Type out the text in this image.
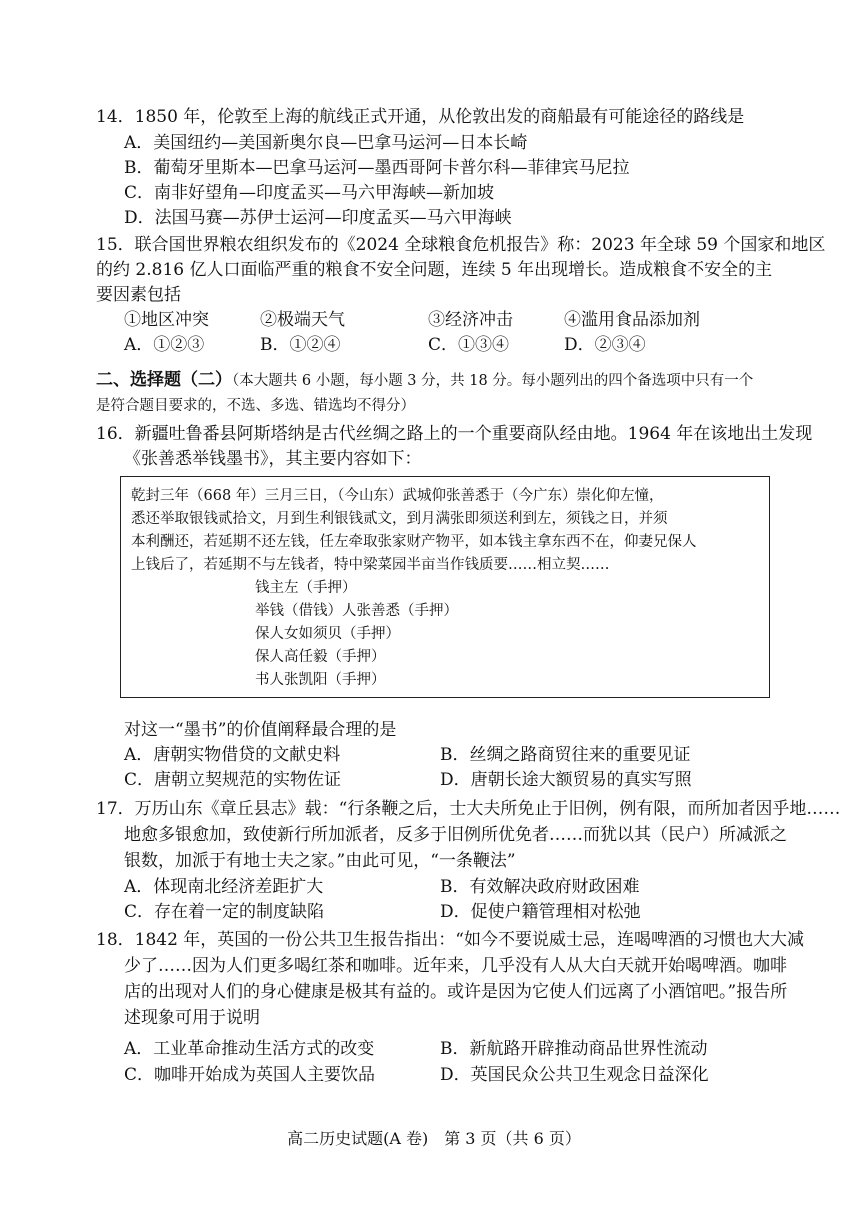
14．1850 年，伦敦至上海的航线正式开通，从伦敦出发的商船最有可能途径的路线是
A．美国纽约—美国新奥尔良—巴拿马运河—日本长崎
B．葡萄牙里斯本—巴拿马运河—墨西哥阿卡普尔科—菲律宾马尼拉
C．南非好望角—印度孟买—马六甲海峡—新加坡
D．法国马赛—苏伊士运河—印度孟买—马六甲海峡
15．联合国世界粮农组织发布的《2024 全球粮食危机报告》称：2023 年全球 59 个国家和地区
的约 2.816 亿人口面临严重的粮食不安全问题，连续 5 年出现增长。造成粮食不安全的主
要因素包括
①地区冲突	②极端天气	③经济冲击	④滥用食品添加剂
A．①②③	B．①②④	C．①③④	D．②③④
二、选择题（二）（本大题共 6 小题，每小题 3 分，共 18 分。每小题列出的四个备选项中只有一个
是符合题目要求的，不选、多选、错选均不得分）
16．新疆吐鲁番县阿斯塔纳是古代丝绸之路上的一个重要商队经由地。1964 年在该地出土发现
《张善悉举钱墨书》，其主要内容如下：
乾封三年（668 年）三月三日，（今山东）武城仰张善悉于（今广东）崇化仰左憧，
悉还举取银钱贰拾文，月到生利银钱贰文，到月满张即须送利到左，须钱之日，并须
本利酬还，若延期不还左钱，任左牵取张家财产物平，如本钱主拿东西不在，仰妻兄保人
上钱后了，若延期不与左钱者，特中梁菜园半亩当作钱质要……相立契……
钱主左（手押）
举钱（借钱）人张善悉（手押）
保人女如须贝（手押）
保人高任毅（手押）
书人张凯阳（手押）
对这一“墨书”的价值阐释最合理的是
A．唐朝实物借贷的文献史料	B．丝绸之路商贸往来的重要见证
C．唐朝立契规范的实物佐证	D．唐朝长途大额贸易的真实写照
17．万历山东《章丘县志》载：“行条鞭之后，士大夫所免止于旧例，例有限，而所加者因乎地……
地愈多银愈加，致使新行所加派者，反多于旧例所优免者……而犹以其（民户）所减派之
银数，加派于有地士夫之家。”由此可见，“一条鞭法”
A．体现南北经济差距扩大	B．有效解决政府财政困难
C．存在着一定的制度缺陷	D．促使户籍管理相对松弛
18．1842 年，英国的一份公共卫生报告指出：“如今不要说威士忌，连喝啤酒的习惯也大大减
少了……因为人们更多喝红茶和咖啡。近年来，几乎没有人从大白天就开始喝啤酒。咖啡
店的出现对人们的身心健康是极其有益的。或许是因为它使人们远离了小酒馆吧。”报告所
述现象可用于说明
A．工业革命推动生活方式的改变	B．新航路开辟推动商品世界性流动
C．咖啡开始成为英国人主要饮品	D．英国民众公共卫生观念日益深化
高二历史试题(A 卷)　第 3 页（共 6 页）
